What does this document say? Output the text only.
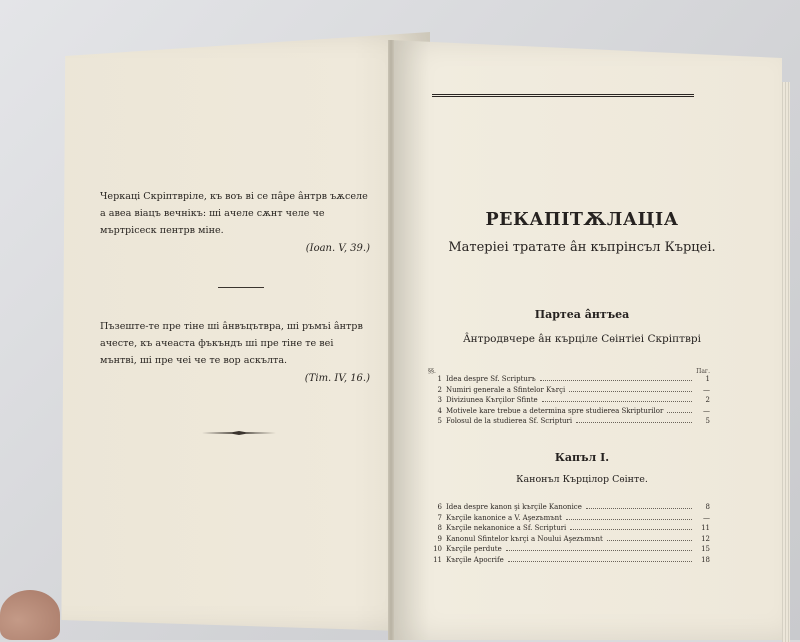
Черкаці Скріптвріле, къ воъ ві се пâре âнтрв ъѫселе а авеа віацъ вечнікъ: ші ачеле сѫнт челе че мъртрісеск пентрв міне.
(Ioan. V, 39.)
Пъзеште-те пре тіне ші âнвъцътвра, ші ръмъі âнтрв ачесте, къ ачеаста фъкъндъ ші пре тіне те веі мънтві, ші пре чеі че те вор аскълта.
(Tim. IV, 16.)
РЕКАПІТѪЛАЦІА
Матеріеі трататe âн къпрінсъл Кърцеі.
Партеа âнтъеа
Âнтродвчере âн кърціле Сѳінтіеі Скріптврі
§§.	Паг.
1 Ideа despre Sf. Scripturъ	1
2 Numiri generale a Sfintelor Kъrçi	—
3 Diviziunea Kъrçilor Sfinte	2
4 Motivele kare trebue a determina spre studierea Skripturilor	—
5 Folosul de la studierea Sf. Scripturi	5
Капъл I.
Канонъл Кърцілор Сѳінте.
6 Ideа despre kanon şi kъrçile Kanonice	8
7 Kъrçile kanonice a V. Aşezъmъnt	—
8 Kъrçile nekanonice a Sf. Scripturi	11
9 Kanonul Sfintelor kъrçi a Noului Aşezъmъnt	12
10 Kъrçile perdute	15
11 Kъrçile Apocrife	18
